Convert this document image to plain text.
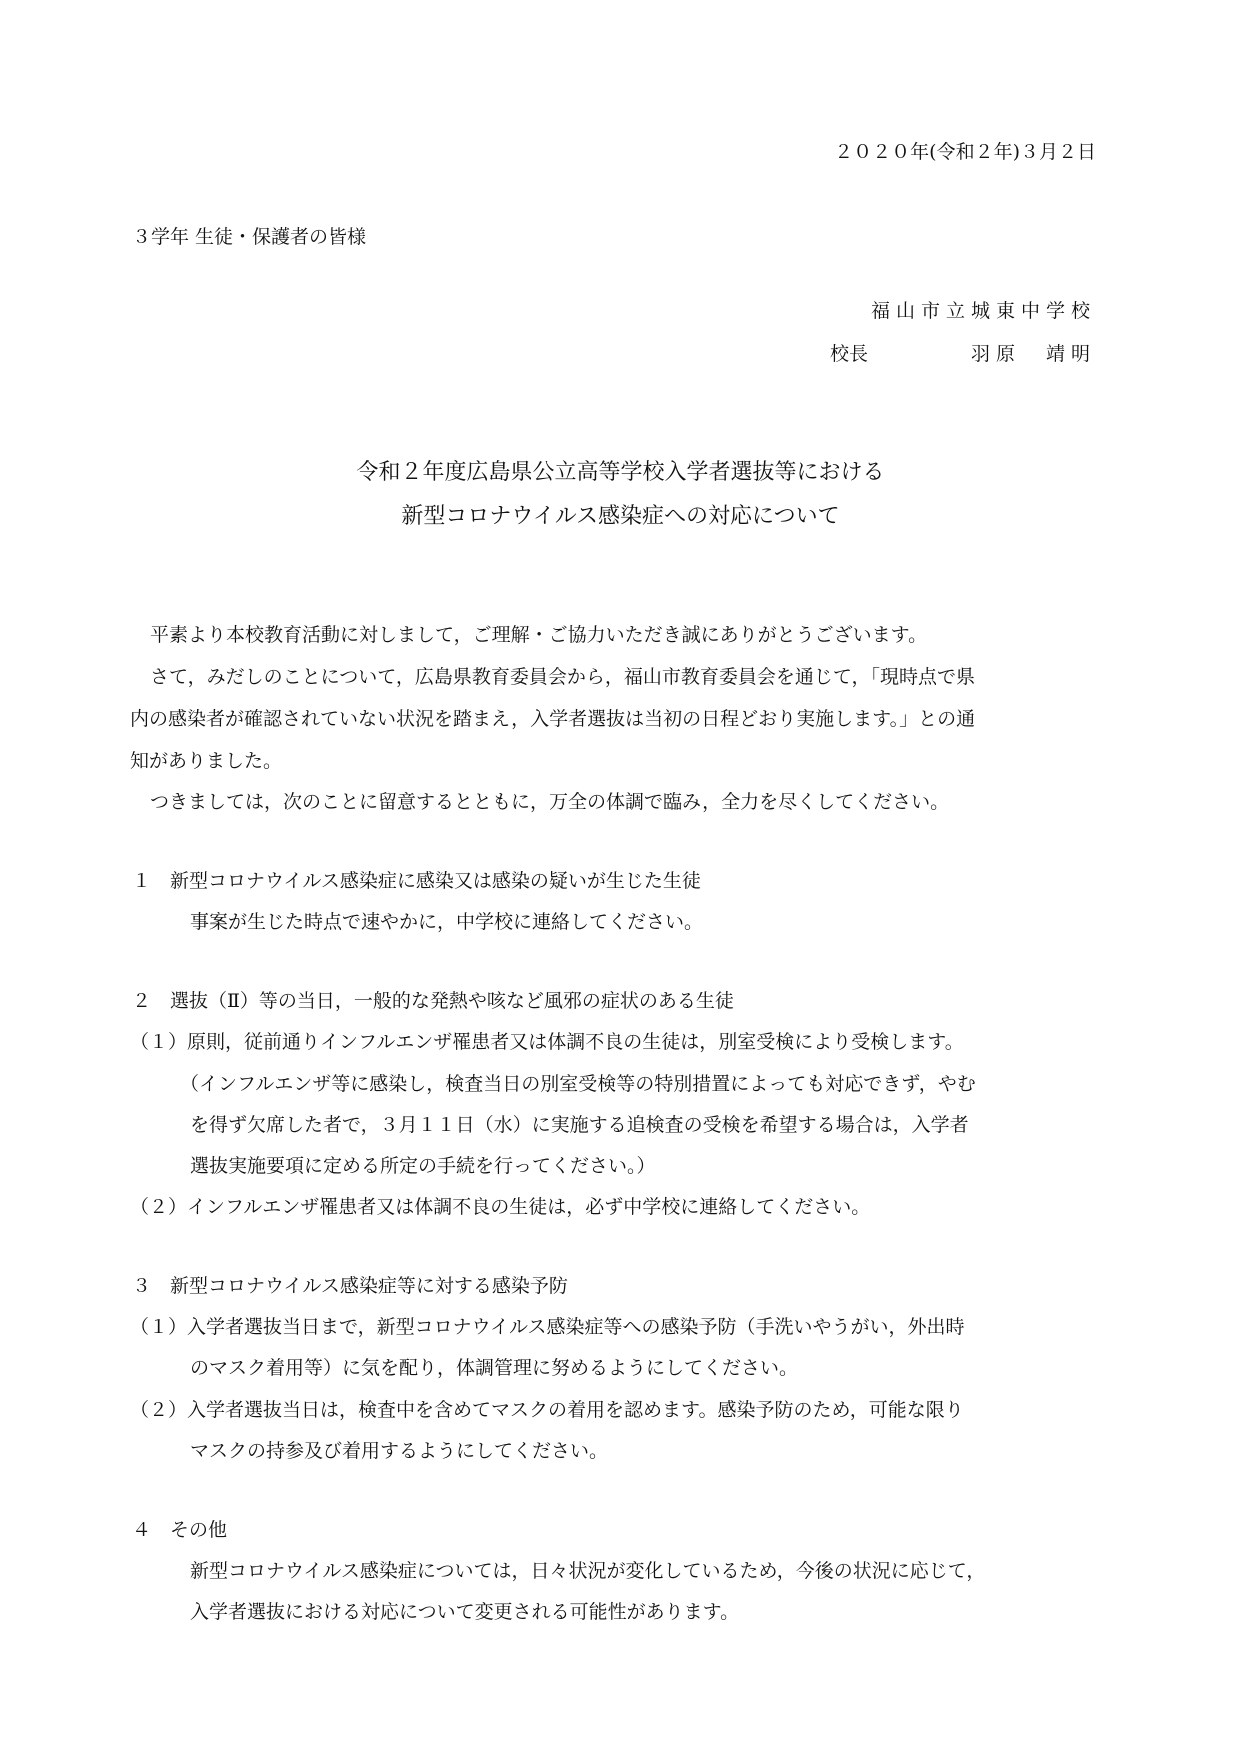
２０２０年(令和２年)３月２日
３学年 生徒・保護者の皆様
福山市立城東中学校
校長	羽原　靖明
令和２年度広島県公立高等学校入学者選抜等における
新型コロナウイルス感染症への対応について
平素より本校教育活動に対しまして，ご理解・ご協力いただき誠にありがとうございます。
さて，みだしのことについて，広島県教育委員会から，福山市教育委員会を通じて，「現時点で県
内の感染者が確認されていない状況を踏まえ，入学者選抜は当初の日程どおり実施します。」との通
知がありました。
つきましては，次のことに留意するとともに，万全の体調で臨み，全力を尽くしてください。
１　新型コロナウイルス感染症に感染又は感染の疑いが生じた生徒
事案が生じた時点で速やかに，中学校に連絡してください。
２　選抜（Ⅱ）等の当日，一般的な発熱や咳など風邪の症状のある生徒
（１）原則，従前通りインフルエンザ罹患者又は体調不良の生徒は，別室受検により受検します。
（インフルエンザ等に感染し，検査当日の別室受検等の特別措置によっても対応できず，やむ
を得ず欠席した者で，３月１１日（水）に実施する追検査の受検を希望する場合は，入学者
選抜実施要項に定める所定の手続を行ってください。）
（２）インフルエンザ罹患者又は体調不良の生徒は，必ず中学校に連絡してください。
３　新型コロナウイルス感染症等に対する感染予防
（１）入学者選抜当日まで，新型コロナウイルス感染症等への感染予防（手洗いやうがい，外出時
のマスク着用等）に気を配り，体調管理に努めるようにしてください。
（２）入学者選抜当日は，検査中を含めてマスクの着用を認めます。感染予防のため，可能な限り
マスクの持参及び着用するようにしてください。
４　その他
新型コロナウイルス感染症については，日々状況が変化しているため，今後の状況に応じて，
入学者選抜における対応について変更される可能性があります。
